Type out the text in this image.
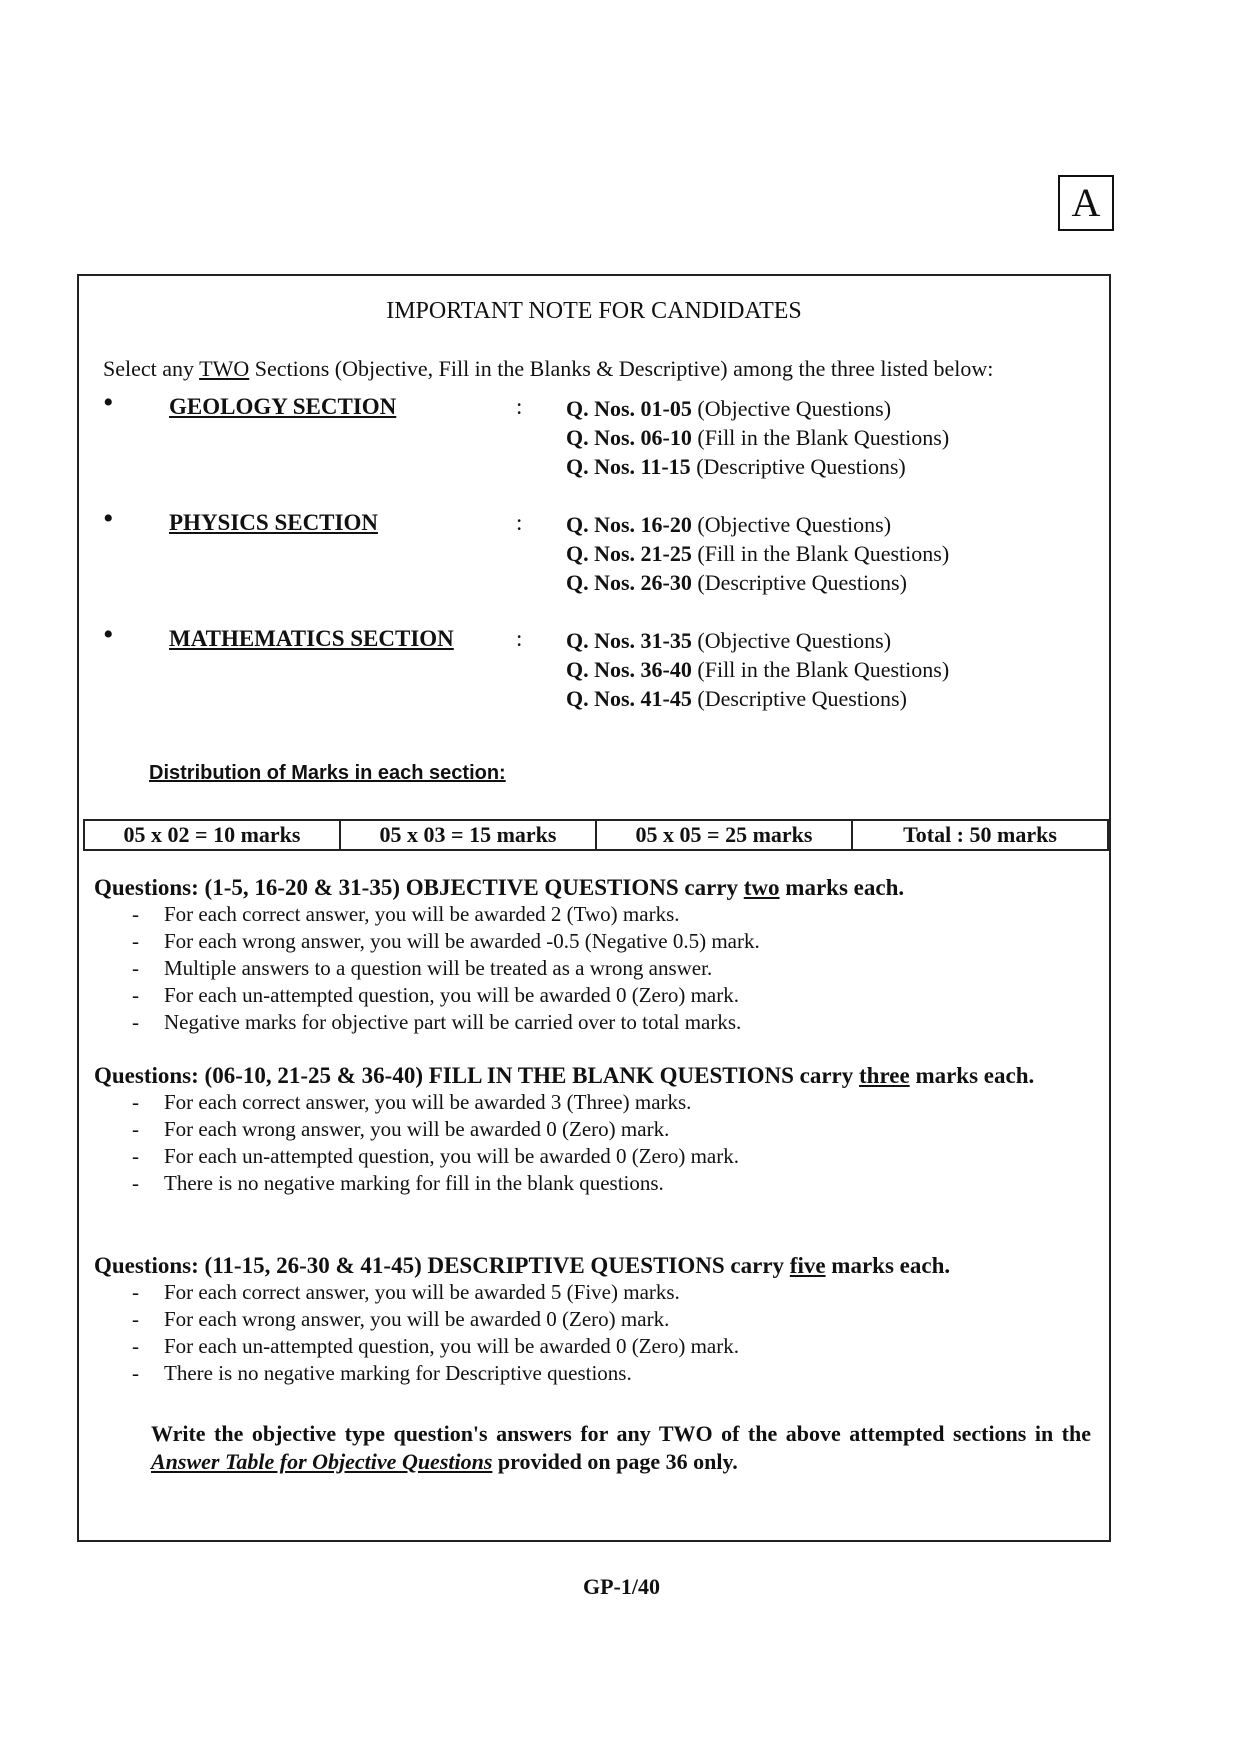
A
IMPORTANT NOTE FOR CANDIDATES
Select any TWO Sections (Objective, Fill in the Blanks & Descriptive) among the three listed below:
• GEOLOGY SECTION	: Q. Nos. 01-05 (Objective Questions)
Q. Nos. 06-10 (Fill in the Blank Questions)
Q. Nos. 11-15 (Descriptive Questions)
• PHYSICS SECTION	: Q. Nos. 16-20 (Objective Questions)
Q. Nos. 21-25 (Fill in the Blank Questions)
Q. Nos. 26-30 (Descriptive Questions)
• MATHEMATICS SECTION	: Q. Nos. 31-35 (Objective Questions)
Q. Nos. 36-40 (Fill in the Blank Questions)
Q. Nos. 41-45 (Descriptive Questions)
Distribution of Marks in each section:
05 x 02 = 10 marks	05 x 03 = 15 marks	05 x 05 = 25 marks	Total : 50 marks
Questions: (1-5, 16-20 & 31-35) OBJECTIVE QUESTIONS carry two marks each.
- For each correct answer, you will be awarded 2 (Two) marks.
- For each wrong answer, you will be awarded -0.5 (Negative 0.5) mark.
- Multiple answers to a question will be treated as a wrong answer.
- For each un-attempted question, you will be awarded 0 (Zero) mark.
- Negative marks for objective part will be carried over to total marks.
Questions: (06-10, 21-25 & 36-40) FILL IN THE BLANK QUESTIONS carry three marks each.
- For each correct answer, you will be awarded 3 (Three) marks.
- For each wrong answer, you will be awarded 0 (Zero) mark.
- For each un-attempted question, you will be awarded 0 (Zero) mark.
- There is no negative marking for fill in the blank questions.
Questions: (11-15, 26-30 & 41-45) DESCRIPTIVE QUESTIONS carry five marks each.
- For each correct answer, you will be awarded 5 (Five) marks.
- For each wrong answer, you will be awarded 0 (Zero) mark.
- For each un-attempted question, you will be awarded 0 (Zero) mark.
- There is no negative marking for Descriptive questions.
Write the objective type question's answers for any TWO of the above attempted sections in the Answer Table for Objective Questions provided on page 36 only.
GP-1/40
